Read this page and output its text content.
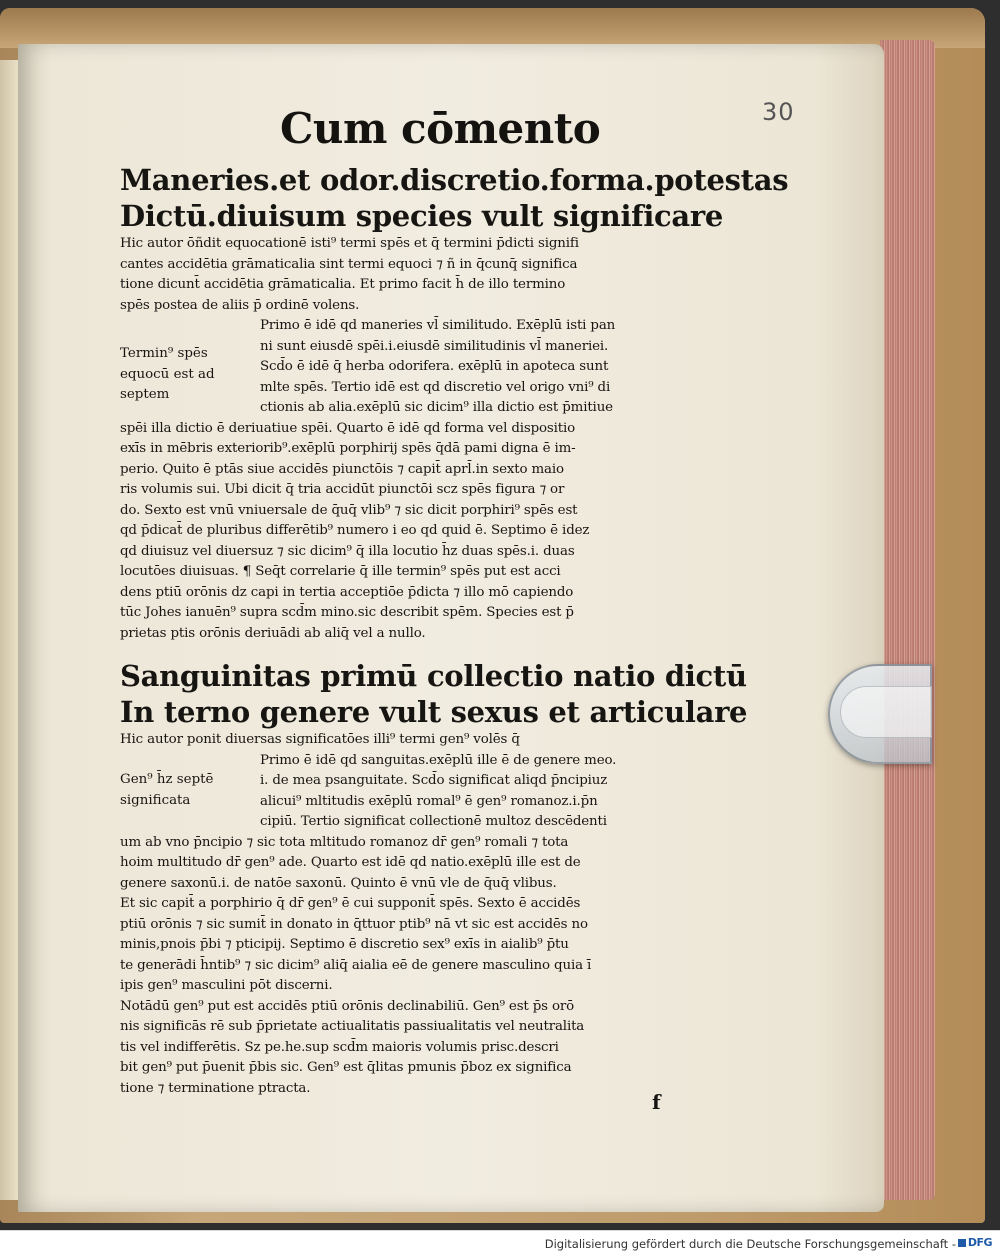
30
Cum cōmento

Maneries.et odor.discretio.forma.potestas

Dictū.diuisum species vult significare

Hic autor ōñdit equocationē isti⁹ termi spēs et q̄ termini p̄dicti signifi

cantes accidētia grāmaticalia sint termi equoci ⁊ ñ in q̄cunq̄ significa

tione dicunt̄ accidētia grāmaticalia. Et primo facit h̄ de illo termino

spēs postea de aliis p̄ ordinē volens.

Primo ē idē qd maneries vl̄ similitudo. Exēplū isti pan

ni sunt eiusdē spēi.i.eiusdē similitudinis vl̄ maneriei.

Scd̄o ē idē q̄ herba odorifera. exēplū in apoteca sunt

mlte spēs. Tertio idē est qd discretio vel origo vni⁹ di

ctionis ab alia.exēplū sic dicim⁹ illa dictio est p̄mitiue

spēi illa dictio ē deriuatiue spēi. Quarto ē idē qd forma vel dispositio

exīs in mēbris exteriorib⁹.exēplū porphirij spēs q̄dā pami digna ē im-

perio. Quito ē ptās siue accidēs piunctōis ⁊ capit̄ aprl̄.in sexto maio

ris volumis sui. Ubi dicit q̄ tria accidūt piunctōi scz spēs figura ⁊ or

do. Sexto est vnū vniuersale de q̄uq̄ vlib⁹ ⁊ sic dicit porphiri⁹ spēs est

qd p̄dicat̄ de pluribus differētib⁹ numero i eo qd quid ē. Septimo ē idez

qd diuisuz vel diuersuz ⁊ sic dicim⁹ q̄ illa locutio h̄z duas spēs.i. duas

locutōes diuisuas. ¶ Seq̄t correlarie q̄ ille termin⁹ spēs put est acci

dens ptiū orōnis dz capi in tertia acceptiōe p̄dicta ⁊ illo mō capiendo

tūc Johes ianuēn⁹ supra scd̄m mino.sic describit spēm. Species est p̄

prietas ptis orōnis deriuādi ab aliq̄ vel a nullo.

Sanguinitas primū collectio natio dictū

In terno genere vult sexus et articulare

Hic autor ponit diuersas significatōes illi⁹ termi gen⁹ volēs q̄

Primo ē idē qd sanguitas.exēplū ille ē de genere meo.

i. de mea psanguitate. Scd̄o significat aliqd p̄ncipiuz

alicui⁹ mltitudis exēplū romal⁹ ē gen⁹ romanoz.i.p̄n

cipiū. Tertio significat collectionē multoz descēdenti

um ab vno p̄ncipio ⁊ sic tota mltitudo romanoz dr̄ gen⁹ romali ⁊ tota

hoim multitudo dr̄ gen⁹ ade. Quarto est idē qd natio.exēplū ille est de

genere saxonū.i. de natōe saxonū. Quinto ē vnū vle de q̄uq̄ vlibus.

Et sic capit̄ a porphirio q̄ dr̄ gen⁹ ē cui supponit̄ spēs. Sexto ē accidēs

ptiū orōnis ⁊ sic sumit̄ in donato in q̄ttuor ptib⁹ nā vt sic est accidēs no

minis,pnois p̄bi ⁊ pticipij. Septimo ē discretio sex⁹ exīs in aialib⁹ p̄tu

te generādi h̄ntib⁹ ⁊ sic dicim⁹ aliq̄ aialia eē de genere masculino quia ī

ipis gen⁹ masculini pōt discerni.

Notādū gen⁹ put est accidēs ptiū orōnis declinabiliū. Gen⁹ est p̄s orō

nis significās rē sub p̄prietate actiualitatis passiualitatis vel neutralita

tis vel indifferētis. Sz pe.he.sup scd̄m maioris volumis prisc.descri

bit gen⁹ put p̄uenit p̄bis sic. Gen⁹ est q̄litas pmunis p̄boz ex significa

tione ⁊ terminatione ptracta.

Termin⁹ spēs
equocū est ad
septem
Gen⁹ h̄z septē
significata
f
Digitalisierung gefördert durch die Deutsche Forschungsgemeinschaft -	DFG
